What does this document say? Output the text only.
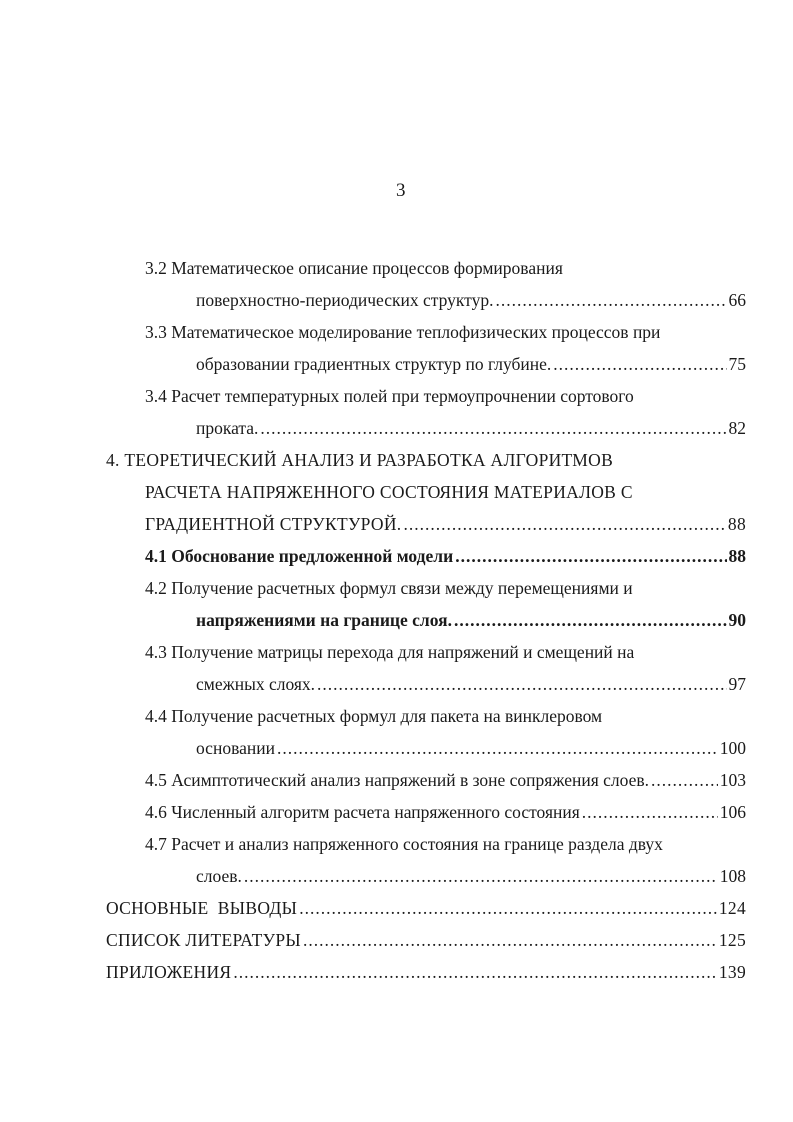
3
3.2 Математическое описание процессов формирования
поверхностно-периодических структур. .....	66
3.3 Математическое моделирование теплофизических процессов при
образовании градиентных структур по глубине. .....	75
3.4 Расчет температурных полей при термоупрочнении сортового
проката. .....	82
4. ТЕОРЕТИЧЕСКИЙ АНАЛИЗ И РАЗРАБОТКА АЛГОРИТМОВ
РАСЧЕТА НАПРЯЖЕННОГО СОСТОЯНИЯ МАТЕРИАЛОВ С
ГРАДИЕНТНОЙ СТРУКТУРОЙ. .....	88
4.1 Обоснование предложенной модели .....	88
4.2 Получение расчетных формул связи между перемещениями и
напряжениями на границе слоя. .....	90
4.3 Получение матрицы перехода для напряжений и смещений на
смежных слоях. .....	97
4.4 Получение расчетных формул для пакета на винклеровом
основании .....	100
4.5 Асимптотический анализ напряжений в зоне сопряжения слоев. .....	103
4.6 Численный алгоритм расчета напряженного состояния .....	106
4.7 Расчет и анализ напряженного состояния на границе раздела двух
слоев. .....	108
ОСНОВНЫЕ  ВЫВОДЫ .....	124
СПИСОК ЛИТЕРАТУРЫ .....	125
ПРИЛОЖЕНИЯ .....	139
